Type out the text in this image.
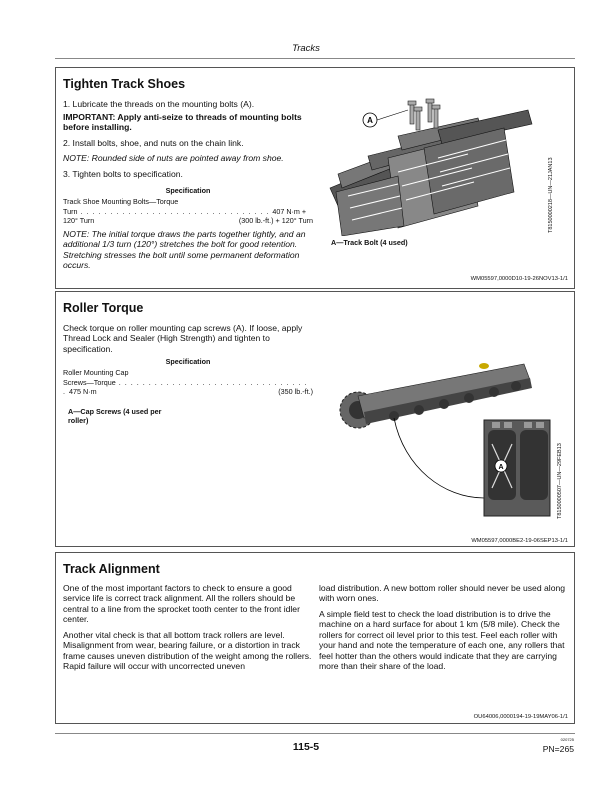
Tracks
Tighten Track Shoes
1. Lubricate the threads on the mounting bolts (A).
IMPORTANT: Apply anti-seize to threads of mounting bolts before installing.
2. Install bolts, shoe, and nuts on the chain link.
NOTE: Rounded side of nuts are pointed away from shoe.
3. Tighten bolts to specification.
Specification
Track Shoe Mounting Bolts—Torque
Turn . . . . . . . . . . . . . . . . . . . . . . . . . . . . . . . . 407 N·m + 120° Turn	(300 lb.-ft.) + 120° Turn
NOTE: The initial torque draws the parts together tightly, and an additional 1/3 turn (120°) stretches the bolt for good retention. Stretching stresses the bolt until some permanent deformation occurs.
A
T8150000218—UN—21JAN13
A—Track Bolt (4 used)
WM05597,0000D10-19-26NOV13-1/1
Roller Torque
Check torque on roller mounting cap screws (A). If loose, apply Thread Lock and Sealer (High Strength) and tighten to specification.
Specification
Roller Mounting Cap
Screws—Torque . . . . . . . . . . . . . . . . . . . . . . . . . . . . . . . . . 475 N·m	(350 lb.-ft.)
A—Cap Screws (4 used per roller)
A	T8150000507—UN—29FEB13
WM05597,0000BE2-19-06SEP13-1/1
Track Alignment
One of the most important factors to check to ensure a good service life is correct track alignment. All the rollers should be central to a line from the sprocket tooth center to the front idler center.
Another vital check is that all bottom track rollers are level. Misalignment from wear, bearing failure, or a distortion in track frame causes uneven distribution of the weight among the rollers. Rapid failure will occur with uncorrected uneven
load distribution. A new bottom roller should never be used along with worn ones.
A simple field test to check the load distribution is to drive the machine on a hard surface for about 1 km (5/8 mile). Check the rollers for correct oil level prior to this test. Feel each roller with your hand and note the temperature of each one, any rollers that feel hotter than the others would indicate that they are carrying more than their share of the load.
OU64006,0000194-19-19MAY06-1/1
115-5
020725
PN=265
